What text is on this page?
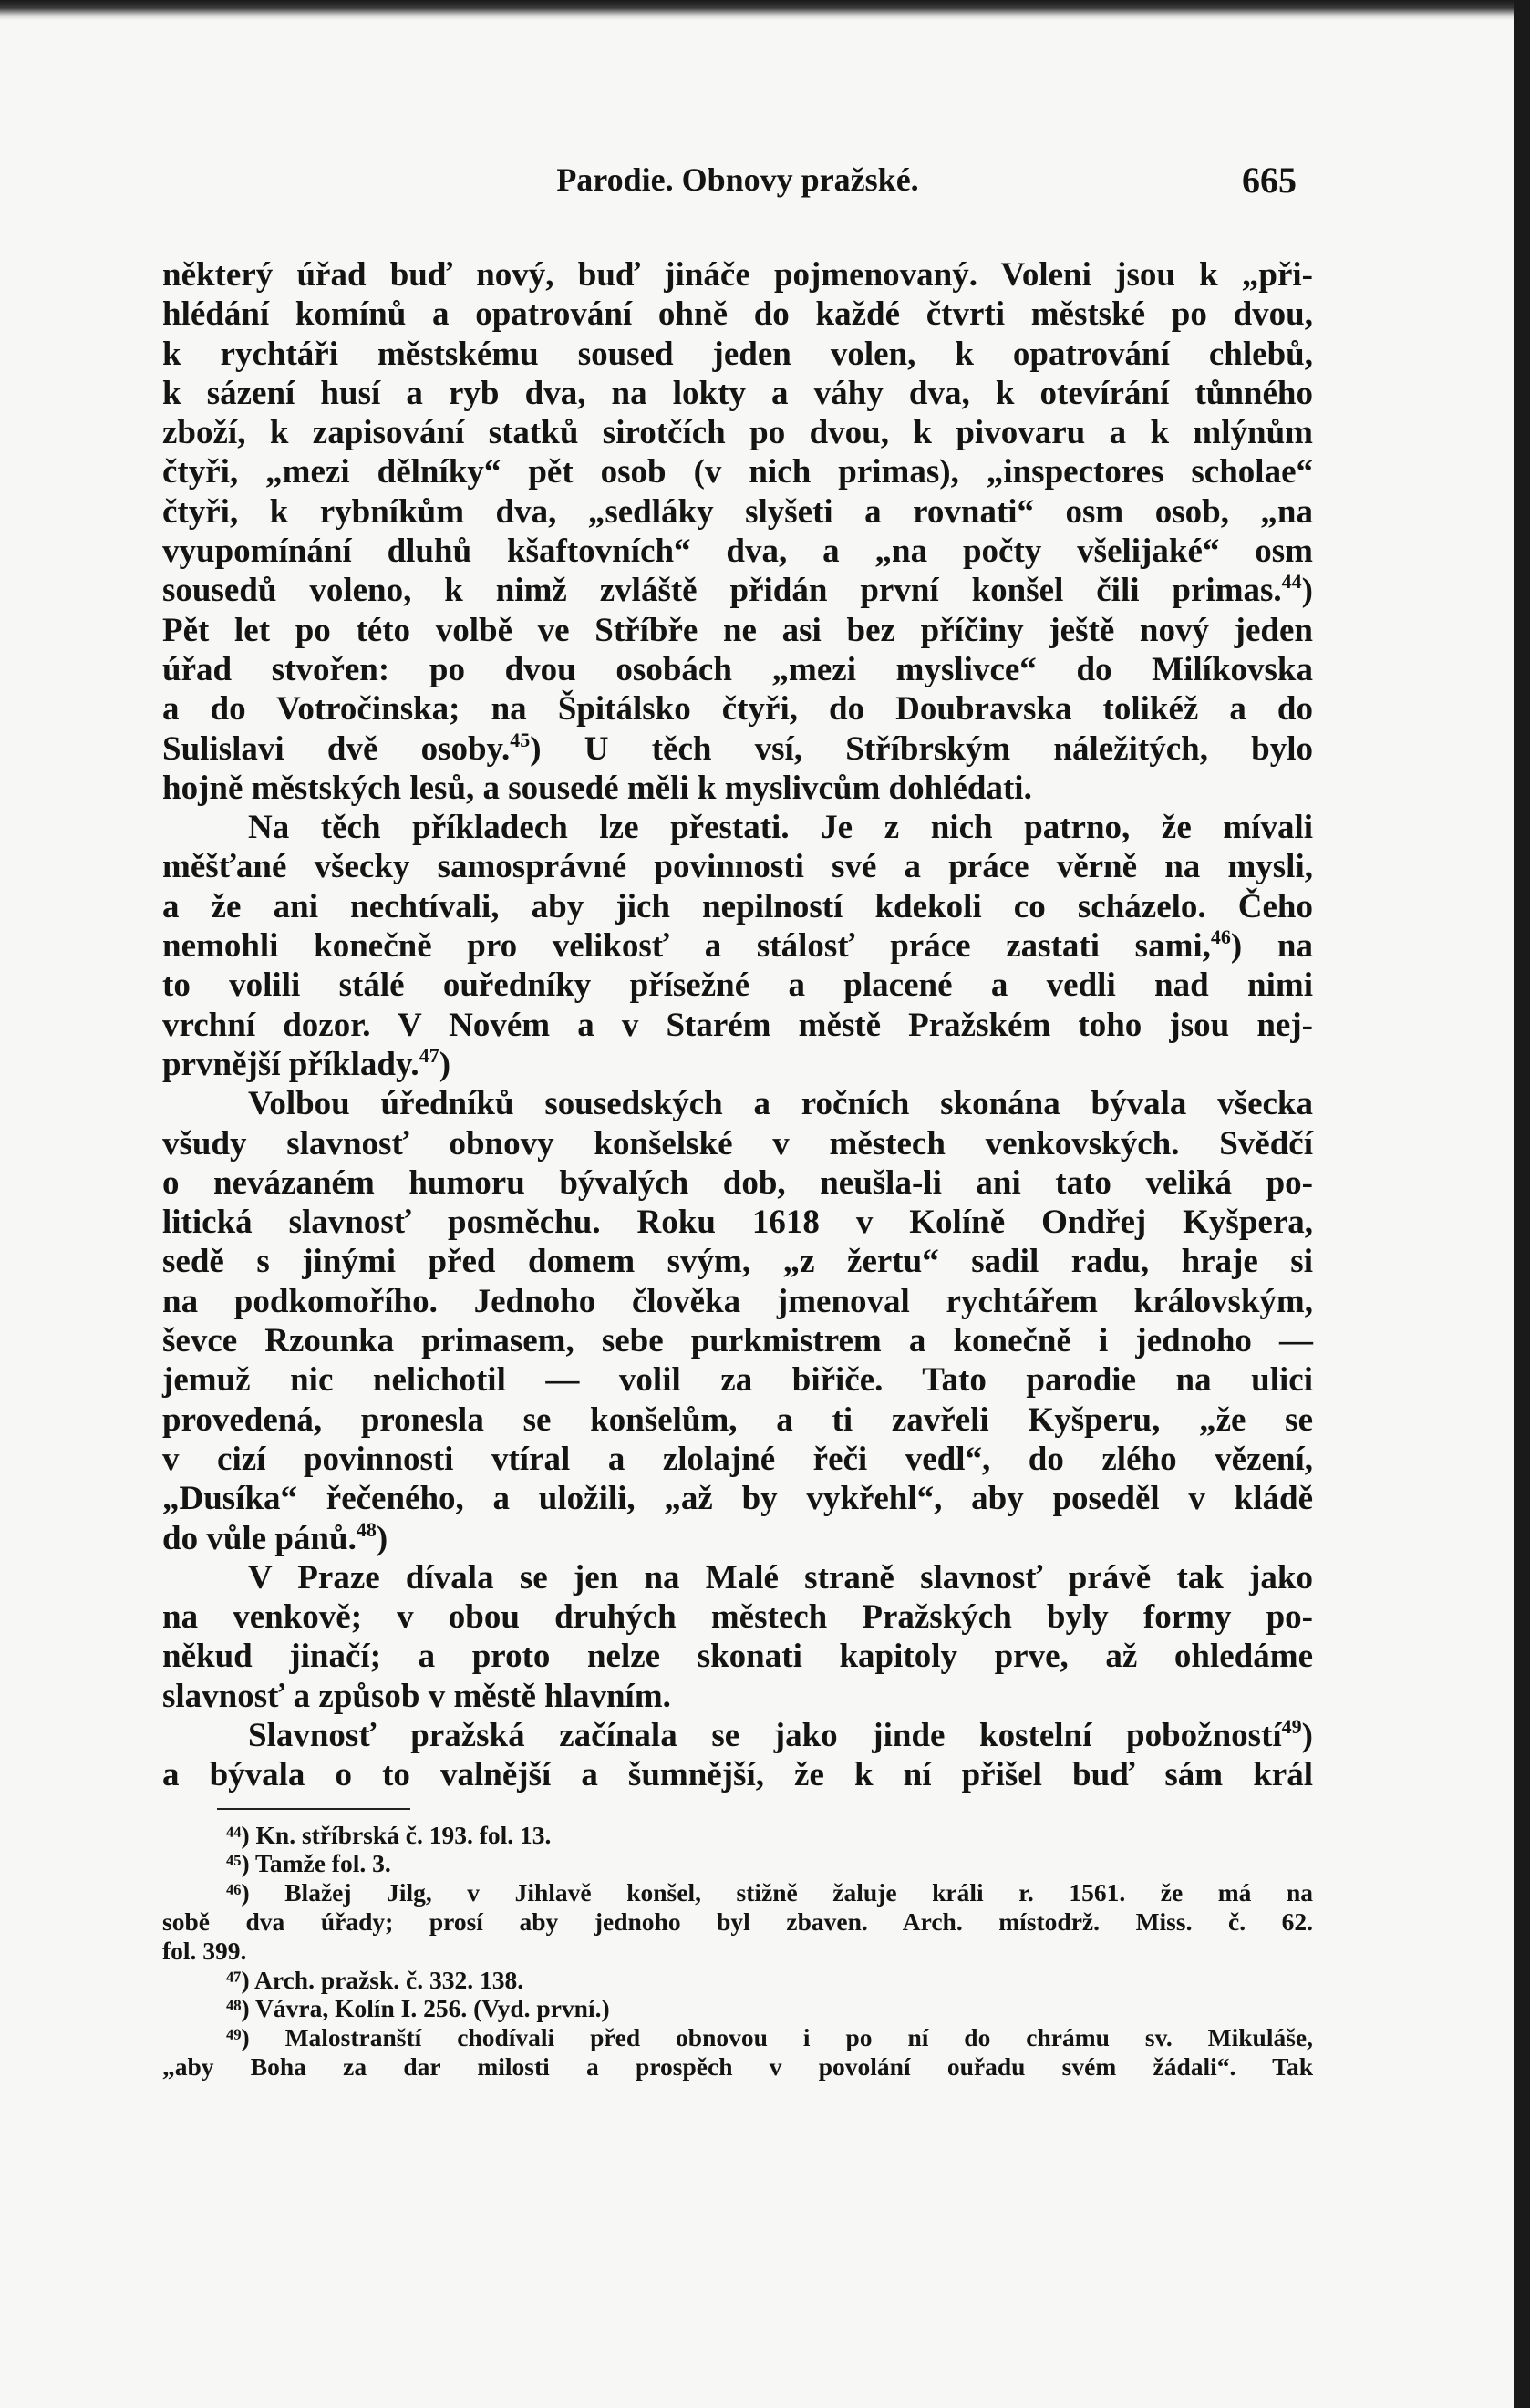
Parodie. Obnovy pražské.	665
některý úřad buď nový, buď jináče pojmenovaný. Voleni jsou k „při-
hlédání komínů a opatrování ohně do každé čtvrti městské po dvou,
k rychtáři městskému soused jeden volen, k opatrování chlebů,
k sázení husí a ryb dva, na lokty a váhy dva, k otevírání tůnného
zboží, k zapisování statků sirotčích po dvou, k pivovaru a k mlýnům
čtyři, „mezi dělníky“ pět osob (v nich primas), „inspectores scholae“
čtyři, k rybníkům dva, „sedláky slyšeti a rovnati“ osm osob, „na
vyupomínání dluhů kšaftovních“ dva, a „na počty všelijaké“ osm
sousedů voleno, k nimž zvláště přidán první konšel čili primas.$^{44}$)
Pět let po této volbě ve Stříbře ne asi bez příčiny ještě nový jeden
úřad stvořen: po dvou osobách „mezi myslivce“ do Milíkovska
a do Votročinska; na Špitálsko čtyři, do Doubravska tolikéž a do
Sulislavi dvě osoby.$^{45}$) U těch vsí, Stříbrským náležitých, bylo
hojně městských lesů, a sousedé měli k myslivcům dohlédati.
Na těch příkladech lze přestati. Je z nich patrno, že mívali
měšťané všecky samosprávné povinnosti své a práce věrně na mysli,
a že ani nechtívali, aby jich nepilností kdekoli co scházelo. Čeho
nemohli konečně pro velikosť a stálosť práce zastati sami,$^{46}$) na
to volili stálé ouředníky přísežné a placené a vedli nad nimi
vrchní dozor. V Novém a v Starém městě Pražském toho jsou nej-
prvnější příklady.$^{47}$)
Volbou úředníků sousedských a ročních skonána bývala všecka
všudy slavnosť obnovy konšelské v městech venkovských. Svědčí
o nevázaném humoru bývalých dob, neušla-li ani tato veliká po-
litická slavnosť posměchu. Roku 1618 v Kolíně Ondřej Kyšpera,
sedě s jinými před domem svým, „z žertu“ sadil radu, hraje si
na podkomořího. Jednoho člověka jmenoval rychtářem královským,
ševce Rzounka primasem, sebe purkmistrem a konečně i jednoho —
jemuž nic nelichotil — volil za biřiče. Tato parodie na ulici
provedená, pronesla se konšelům, a ti zavřeli Kyšperu, „že se
v cizí povinnosti vtíral a zlolajné řeči vedl“, do zlého vězení,
„Dusíka“ řečeného, a uložili, „až by vykřehl“, aby poseděl v kládě
do vůle pánů.$^{48}$)
V Praze dívala se jen na Malé straně slavnosť právě tak jako
na venkově; v obou druhých městech Pražských byly formy po-
někud jinačí; a proto nelze skonati kapitoly prve, až ohledáme
slavnosť a způsob v městě hlavním.
Slavnosť pražská začínala se jako jinde kostelní pobožností$^{49}$)
a bývala o to valnější a šumnější, že k ní přišel buď sám král
⁴⁴) Kn. stříbrská č. 193. fol. 13.
⁴⁵) Tamže fol. 3.
⁴⁶) Blažej Jilg, v Jihlavě konšel, stižně žaluje králi r. 1561. že má na
sobě dva úřady; prosí aby jednoho byl zbaven. Arch. místodrž. Miss. č. 62.
fol. 399.
⁴⁷) Arch. pražsk. č. 332. 138.
⁴⁸) Vávra, Kolín I. 256. (Vyd. první.)
⁴⁹) Malostranští chodívali před obnovou i po ní do chrámu sv. Mikuláše,
„aby Boha za dar milosti a prospěch v povolání ouřadu svém žádali“. Tak
